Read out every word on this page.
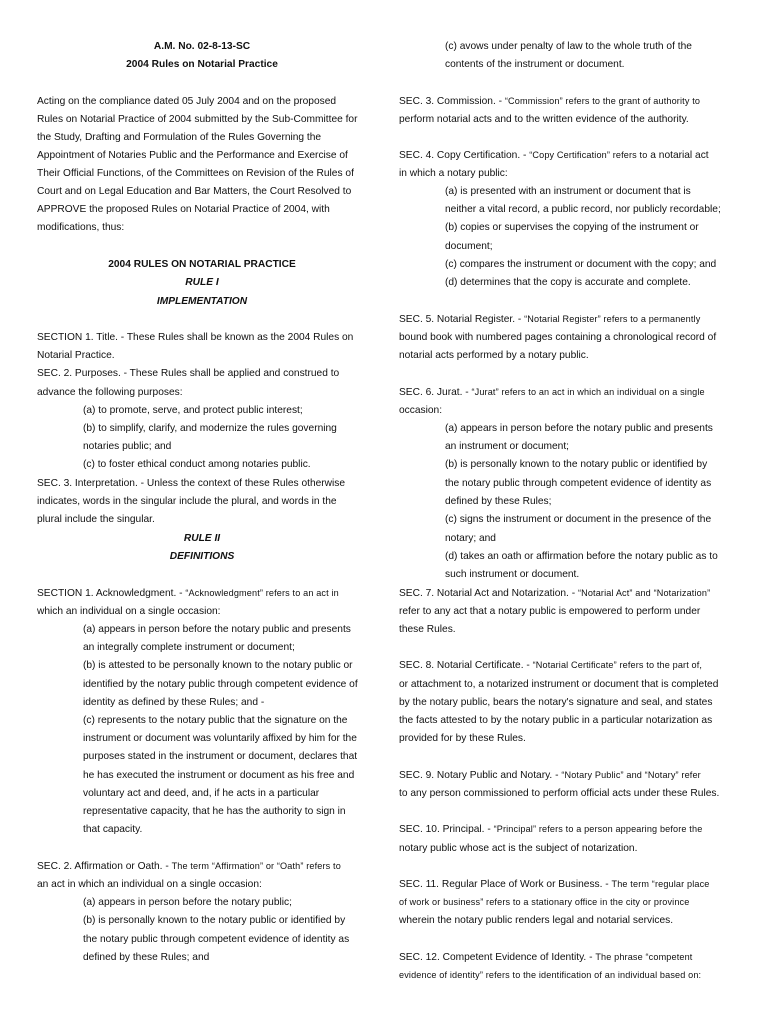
A.M. No. 02-8-13-SC
2004 Rules on Notarial Practice
Acting on the compliance dated 05 July 2004 and on the proposed
Rules on Notarial Practice of 2004 submitted by the Sub-Committee for
the Study, Drafting and Formulation of the Rules Governing the
Appointment of Notaries Public and the Performance and Exercise of
Their Official Functions, of the Committees on Revision of the Rules of
Court and on Legal Education and Bar Matters, the Court Resolved to
APPROVE the proposed Rules on Notarial Practice of 2004, with
modifications, thus:
2004 RULES ON NOTARIAL PRACTICE
RULE I
IMPLEMENTATION
SECTION 1. Title. - These Rules shall be known as the 2004 Rules on
Notarial Practice.
SEC. 2. Purposes. - These Rules shall be applied and construed to
advance the following purposes:
(a) to promote, serve, and protect public interest;
(b) to simplify, clarify, and modernize the rules governing
notaries public; and
(c) to foster ethical conduct among notaries public.
SEC. 3. Interpretation. - Unless the context of these Rules otherwise
indicates, words in the singular include the plural, and words in the
plural include the singular.
RULE II
DEFINITIONS
SECTION 1. Acknowledgment. - “Acknowledgment” refers to an act in
which an individual on a single occasion:
(a) appears in person before the notary public and presents
an integrally complete instrument or document;
(b) is attested to be personally known to the notary public or
identified by the notary public through competent evidence of
identity as defined by these Rules; and -
(c) represents to the notary public that the signature on the
instrument or document was voluntarily affixed by him for the
purposes stated in the instrument or document, declares that
he has executed the instrument or document as his free and
voluntary act and deed, and, if he acts in a particular
representative capacity, that he has the authority to sign in
that capacity.
SEC. 2. Affirmation or Oath. - The term “Affirmation” or “Oath” refers to
an act in which an individual on a single occasion:
(a) appears in person before the notary public;
(b) is personally known to the notary public or identified by
the notary public through competent evidence of identity as
defined by these Rules; and
(c) avows under penalty of law to the whole truth of the
contents of the instrument or document.
SEC. 3. Commission. - “Commission” refers to the grant of authority to
perform notarial acts and to the written evidence of the authority.
SEC. 4. Copy Certification. - “Copy Certification” refers to a notarial act
in which a notary public:
(a) is presented with an instrument or document that is
neither a vital record, a public record, nor publicly recordable;
(b) copies or supervises the copying of the instrument or
document;
(c) compares the instrument or document with the copy; and
(d) determines that the copy is accurate and complete.
SEC. 5. Notarial Register. - “Notarial Register” refers to a permanently
bound book with numbered pages containing a chronological record of
notarial acts performed by a notary public.
SEC. 6. Jurat. - “Jurat” refers to an act in which an individual on a single
occasion:
(a) appears in person before the notary public and presents
an instrument or document;
(b) is personally known to the notary public or identified by
the notary public through competent evidence of identity as
defined by these Rules;
(c) signs the instrument or document in the presence of the
notary; and
(d) takes an oath or affirmation before the notary public as to
such instrument or document.
SEC. 7. Notarial Act and Notarization. - “Notarial Act” and “Notarization”
refer to any act that a notary public is empowered to perform under
these Rules.
SEC. 8. Notarial Certificate. - “Notarial Certificate” refers to the part of,
or attachment to, a notarized instrument or document that is completed
by the notary public, bears the notary's signature and seal, and states
the facts attested to by the notary public in a particular notarization as
provided for by these Rules.
SEC. 9. Notary Public and Notary. - “Notary Public” and “Notary” refer
to any person commissioned to perform official acts under these Rules.
SEC. 10. Principal. - “Principal” refers to a person appearing before the
notary public whose act is the subject of notarization.
SEC. 11. Regular Place of Work or Business. - The term “regular place
of work or business” refers to a stationary office in the city or province
wherein the notary public renders legal and notarial services.
SEC. 12. Competent Evidence of Identity. - The phrase “competent
evidence of identity” refers to the identification of an individual based on:
